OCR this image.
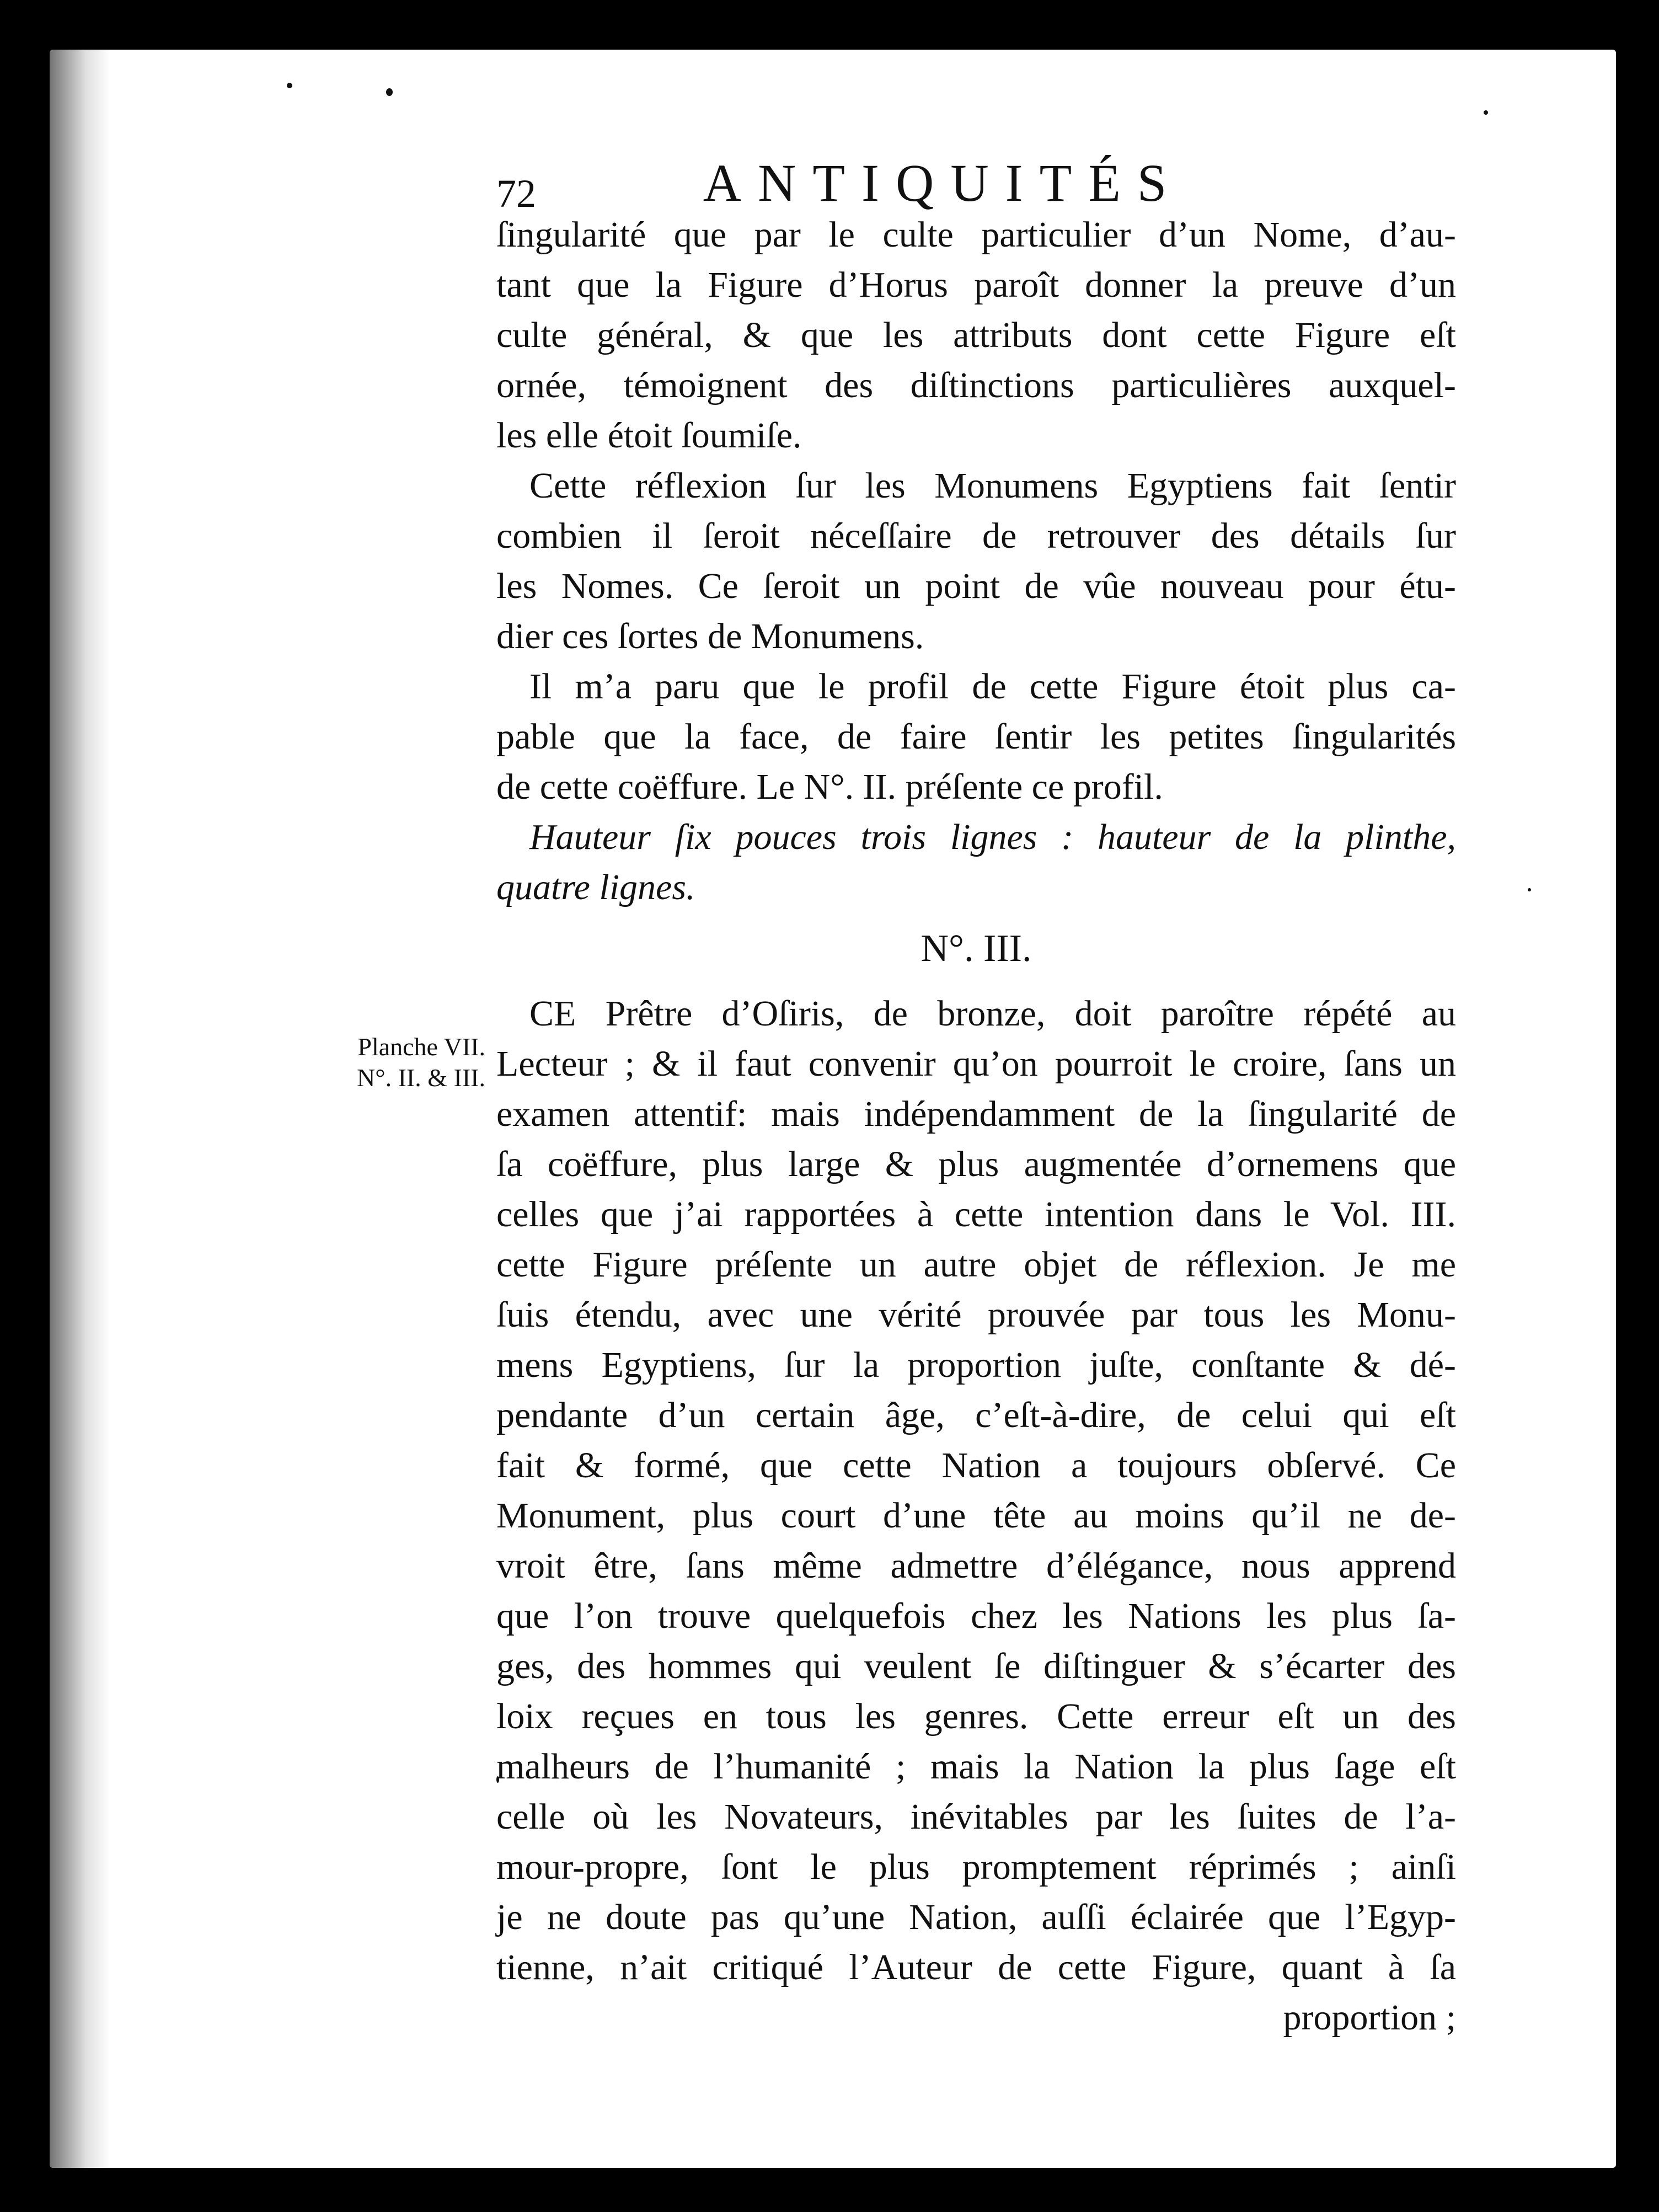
72	ANTIQUITÉS
Planche VII.
N°. II. & III.
ſingularité que par le culte particulier d’un Nome, d’au-
tant que la Figure d’Horus paroît donner la preuve d’un
culte général, & que les attributs dont cette Figure eſt
ornée, témoignent des diſtinctions particulières auxquel-
les elle étoit ſoumiſe.
Cette réflexion ſur les Monumens Egyptiens fait ſentir
combien il ſeroit néceſſaire de retrouver des détails ſur
les Nomes. Ce ſeroit un point de vûe nouveau pour étu-
dier ces ſortes de Monumens.
Il m’a paru que le profil de cette Figure étoit plus ca-
pable que la face, de faire ſentir les petites ſingularités
de cette coëffure. Le N°. II. préſente ce profil.
Hauteur ſix pouces trois lignes : hauteur de la plinthe,
quatre lignes.
N°. III.
CE Prêtre d’Oſiris, de bronze, doit paroître répété au
Lecteur ; & il faut convenir qu’on pourroit le croire, ſans un
examen attentif: mais indépendamment de la ſingularité de
ſa coëffure, plus large & plus augmentée d’ornemens que
celles que j’ai rapportées à cette intention dans le Vol. III.
cette Figure préſente un autre objet de réflexion. Je me
ſuis étendu, avec une vérité prouvée par tous les Monu-
mens Egyptiens, ſur la proportion juſte, conſtante & dé-
pendante d’un certain âge, c’eſt-à-dire, de celui qui eſt
fait & formé, que cette Nation a toujours obſervé. Ce
Monument, plus court d’une tête au moins qu’il ne de-
vroit être, ſans même admettre d’élégance, nous apprend
que l’on trouve quelquefois chez les Nations les plus ſa-
ges, des hommes qui veulent ſe diſtinguer & s’écarter des
loix reçues en tous les genres. Cette erreur eſt un des
malheurs de l’humanité ; mais la Nation la plus ſage eſt
celle où les Novateurs, inévitables par les ſuites de l’a-
mour-propre, ſont le plus promptement réprimés ; ainſi
je ne doute pas qu’une Nation, auſſi éclairée que l’Egyp-
tienne, n’ait critiqué l’Auteur de cette Figure, quant à ſa
proportion ;
